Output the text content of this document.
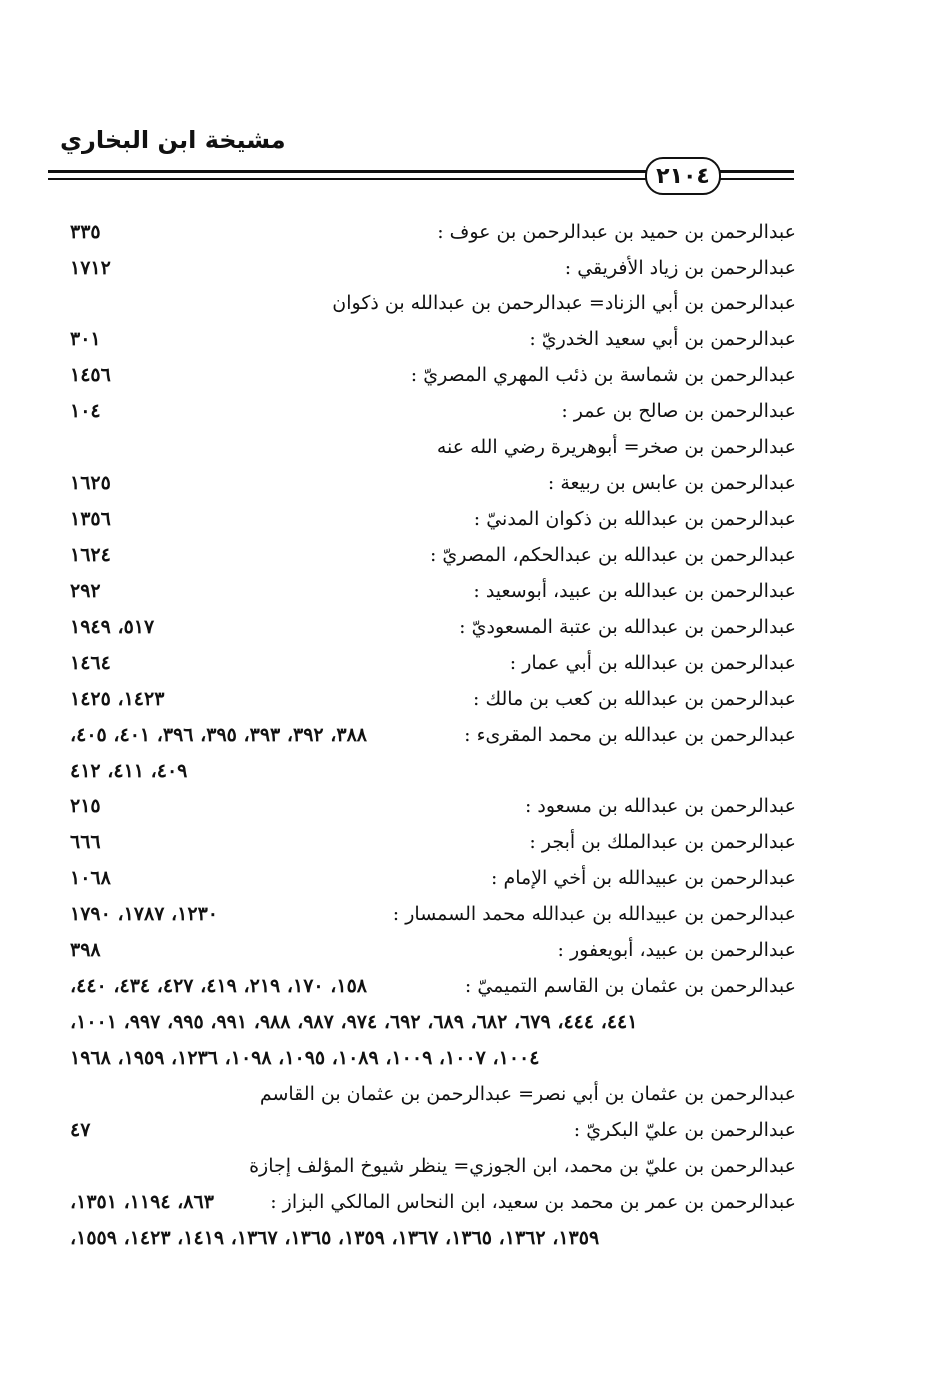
مشيخة ابن البخاري
٢١٠٤
عبدالرحمن بن حميد بن عبدالرحمن بن عوف :
٣٣٥
عبدالرحمن بن زياد الأفريقي :
١٧١٢
عبدالرحمن بن أبي الزناد= عبدالرحمن بن عبدالله بن ذكوان
عبدالرحمن بن أبي سعيد الخدريّ :
٣٠١
عبدالرحمن بن شماسة بن ذئب المهري المصريّ :
١٤٥٦
عبدالرحمن بن صالح بن عمر :
١٠٤
عبدالرحمن بن صخر= أبوهريرة رضي الله عنه
عبدالرحمن بن عابس بن ربيعة :
١٦٢٥
عبدالرحمن بن عبدالله بن ذكوان المدنيّ :
١٣٥٦
عبدالرحمن بن عبدالله بن عبدالحكم، المصريّ :
١٦٢٤
عبدالرحمن بن عبدالله بن عبيد، أبوسعيد :
٢٩٢
عبدالرحمن بن عبدالله بن عتبة المسعوديّ :
٥١٧، ١٩٤٩
عبدالرحمن بن عبدالله بن أبي عمار :
١٤٦٤
عبدالرحمن بن عبدالله بن كعب بن مالك :
١٤٢٣، ١٤٢٥
عبدالرحمن بن عبدالله بن محمد المقرىء :
٣٨٨، ٣٩٢، ٣٩٣، ٣٩٥، ٣٩٦، ٤٠١، ٤٠٥،
٤٠٩، ٤١١، ٤١٢
عبدالرحمن بن عبدالله بن مسعود :
٢١٥
عبدالرحمن بن عبدالملك بن أبجر :
٦٦٦
عبدالرحمن بن عبيدالله بن أخي الإمام :
١٠٦٨
عبدالرحمن بن عبيدالله بن عبدالله محمد السمسار :
١٢٣٠، ١٧٨٧، ١٧٩٠
عبدالرحمن بن عبيد، أبويعفور :
٣٩٨
عبدالرحمن بن عثمان بن القاسم التميميّ :
١٥٨، ١٧٠، ٢١٩، ٤١٩، ٤٢٧، ٤٣٤، ٤٤٠،
٤٤١، ٤٤٤، ٦٧٩، ٦٨٢، ٦٨٩، ٦٩٢، ٩٧٤، ٩٨٧، ٩٨٨، ٩٩١، ٩٩٥، ٩٩٧، ١٠٠١،
١٠٠٤، ١٠٠٧، ١٠٠٩، ١٠٨٩، ١٠٩٥، ١٠٩٨، ١٢٣٦، ١٩٥٩، ١٩٦٨
عبدالرحمن بن عثمان بن أبي نصر= عبدالرحمن بن عثمان بن القاسم
عبدالرحمن بن عليّ البكريّ :
٤٧
عبدالرحمن بن عليّ بن محمد، ابن الجوزي= ينظر شيوخ المؤلف إجازة
عبدالرحمن بن عمر بن محمد بن سعيد، ابن النحاس المالكي البزاز :
٨٦٣، ١١٩٤، ١٣٥١،
١٣٥٩، ١٣٦٢، ١٣٦٥، ١٣٦٧، ١٣٥٩، ١٣٦٥، ١٣٦٧، ١٤١٩، ١٤٢٣، ١٥٥٩،
